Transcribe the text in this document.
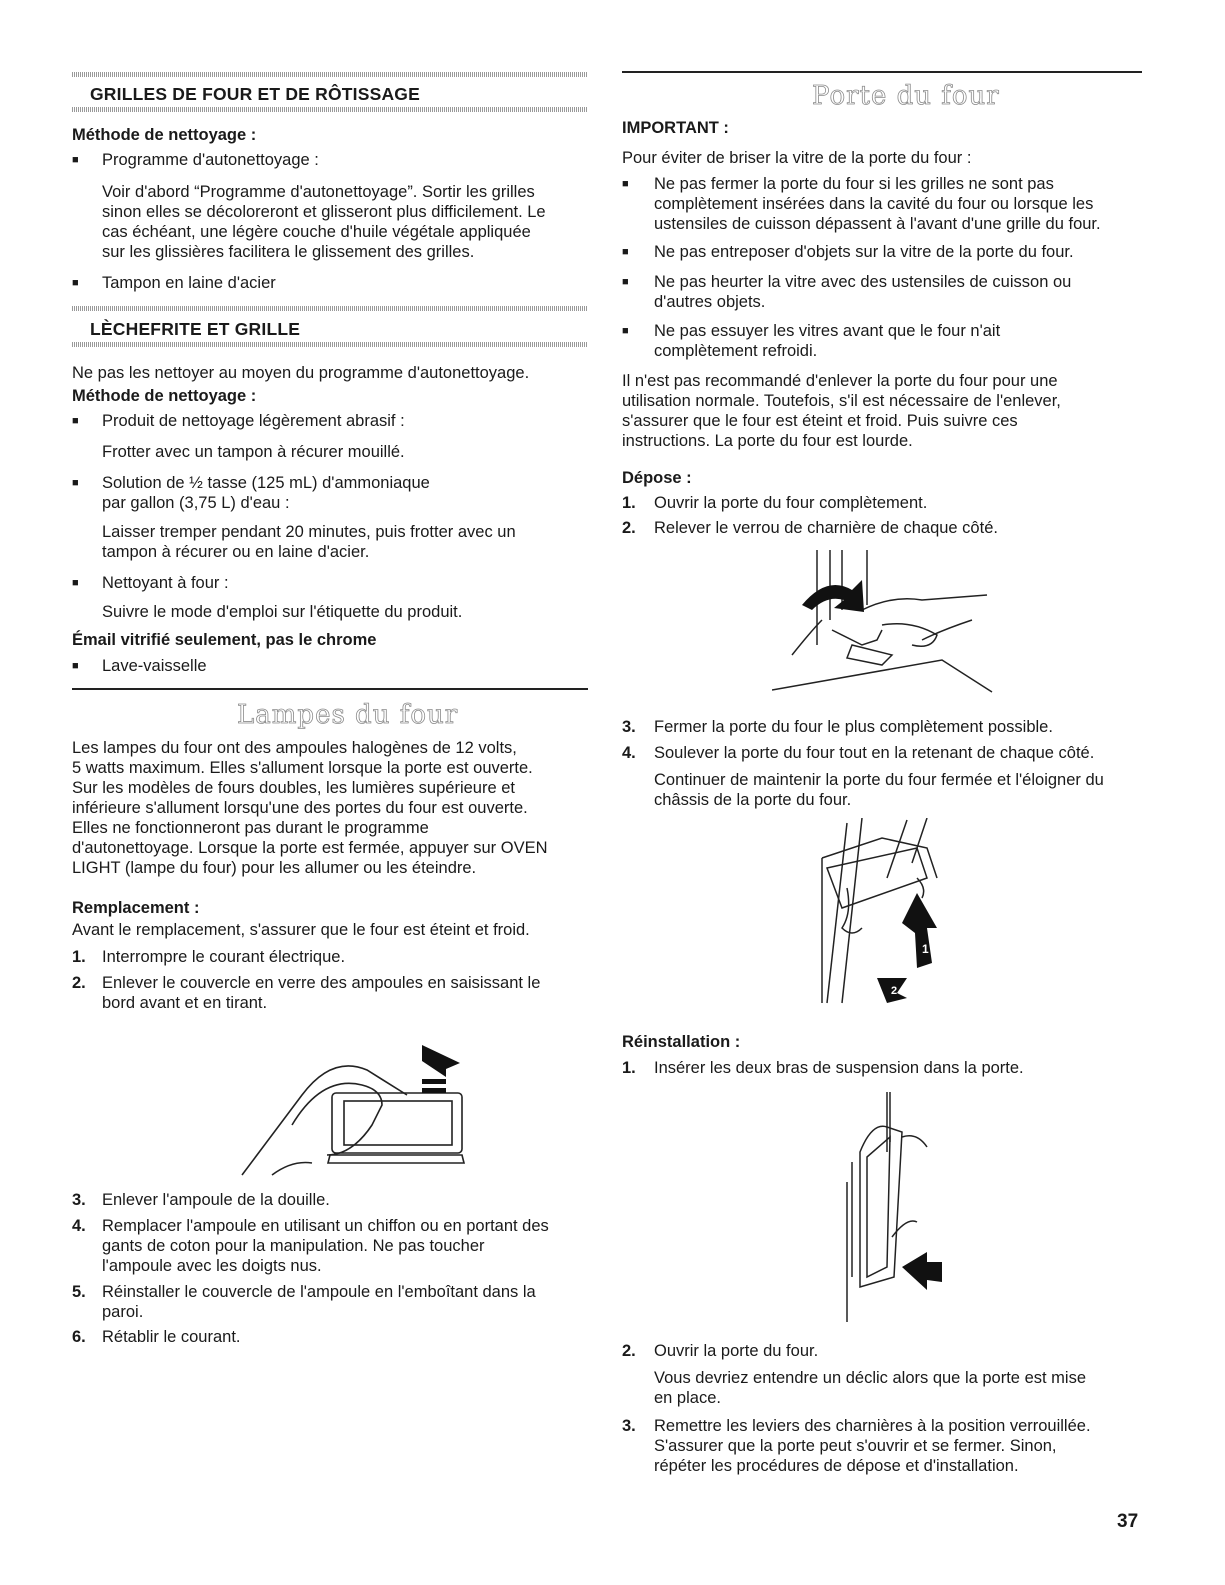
GRILLES DE FOUR ET DE RÔTISSAGE
Méthode de nettoyage :
■ Programme d'autonettoyage :
Voir d'abord “Programme d'autonettoyage”. Sortir les grilles
sinon elles se décoloreront et glisseront plus difficilement. Le
cas échéant, une légère couche d'huile végétale appliquée
sur les glissières facilitera le glissement des grilles.
■ Tampon en laine d'acier
LÈCHEFRITE ET GRILLE
Ne pas les nettoyer au moyen du programme d'autonettoyage.
Méthode de nettoyage :
■ Produit de nettoyage légèrement abrasif :
Frotter avec un tampon à récurer mouillé.
■ Solution de ½ tasse (125 mL) d'ammoniaque
par gallon (3,75 L) d'eau :
Laisser tremper pendant 20 minutes, puis frotter avec un
tampon à récurer ou en laine d'acier.
■ Nettoyant à four :
Suivre le mode d'emploi sur l'étiquette du produit.
Émail vitrifié seulement, pas le chrome
■ Lave-vaisselle
Lampes du four
Les lampes du four ont des ampoules halogènes de 12 volts,
5 watts maximum. Elles s'allument lorsque la porte est ouverte.
Sur les modèles de fours doubles, les lumières supérieure et
inférieure s'allument lorsqu'une des portes du four est ouverte.
Elles ne fonctionneront pas durant le programme
d'autonettoyage. Lorsque la porte est fermée, appuyer sur OVEN
LIGHT (lampe du four) pour les allumer ou les éteindre.
Remplacement :
Avant le remplacement, s'assurer que le four est éteint et froid.
1. Interrompre le courant électrique.
2. Enlever le couvercle en verre des ampoules en saisissant le
bord avant et en tirant.
3. Enlever l'ampoule de la douille.
4. Remplacer l'ampoule en utilisant un chiffon ou en portant des
gants de coton pour la manipulation. Ne pas toucher
l'ampoule avec les doigts nus.
5. Réinstaller le couvercle de l'ampoule en l'emboîtant dans la
paroi.
6. Rétablir le courant.
Porte du four
IMPORTANT :
Pour éviter de briser la vitre de la porte du four :
■ Ne pas fermer la porte du four si les grilles ne sont pas
complètement insérées dans la cavité du four ou lorsque les
ustensiles de cuisson dépassent à l'avant d'une grille du four.
■ Ne pas entreposer d'objets sur la vitre de la porte du four.
■ Ne pas heurter la vitre avec des ustensiles de cuisson ou
d'autres objets.
■ Ne pas essuyer les vitres avant que le four n'ait
complètement refroidi.
Il n'est pas recommandé d'enlever la porte du four pour une
utilisation normale. Toutefois, s'il est nécessaire de l'enlever,
s'assurer que le four est éteint et froid. Puis suivre ces
instructions. La porte du four est lourde.
Dépose :
1. Ouvrir la porte du four complètement.
2. Relever le verrou de charnière de chaque côté.
3. Fermer la porte du four le plus complètement possible.
4. Soulever la porte du four tout en la retenant de chaque côté.
Continuer de maintenir la porte du four fermée et l'éloigner du
châssis de la porte du four.
1
2
Réinstallation :
1. Insérer les deux bras de suspension dans la porte.
2. Ouvrir la porte du four.
Vous devriez entendre un déclic alors que la porte est mise
en place.
3. Remettre les leviers des charnières à la position verrouillée.
S'assurer que la porte peut s'ouvrir et se fermer. Sinon,
répéter les procédures de dépose et d'installation.
37
